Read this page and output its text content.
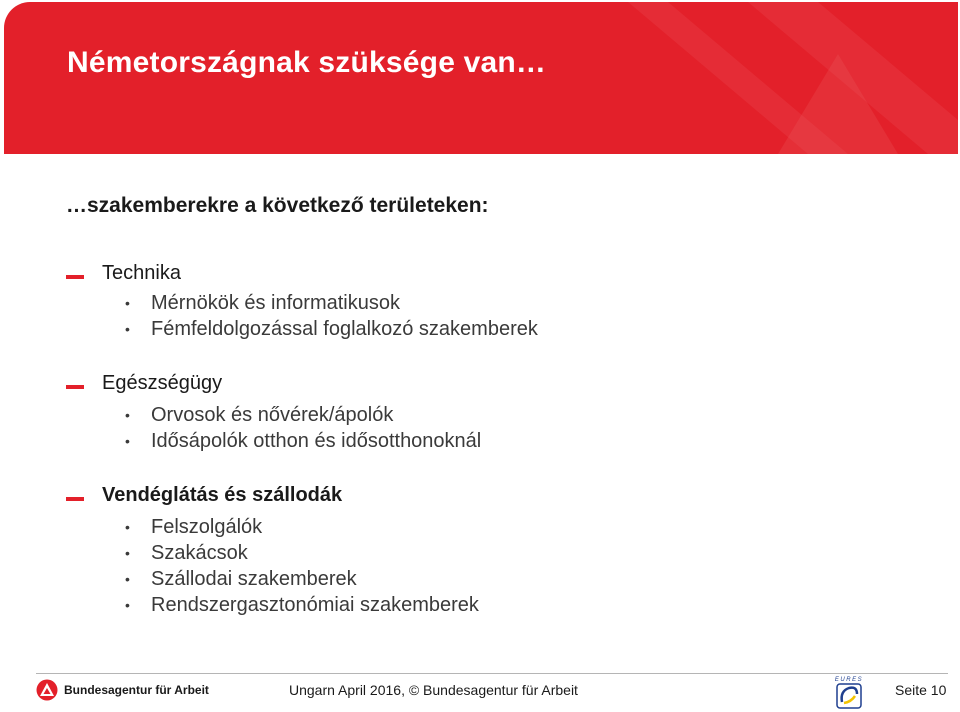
Németországnak szüksége van…
…szakemberekre a következő területeken:
Technika
• Mérnökök és informatikusok
• Fémfeldolgozással foglalkozó szakemberek
Egészségügy
• Orvosok és nővérek/ápolók
• Idősápolók otthon és idősotthonoknál
Vendéglátás és szállodák
• Felszolgálók
• Szakácsok
• Szállodai szakemberek
• Rendszergasztonómiai szakemberek
Bundesagentur für Arbeit	Ungarn April 2016, © Bundesagentur für Arbeit
EURES
Seite 10
